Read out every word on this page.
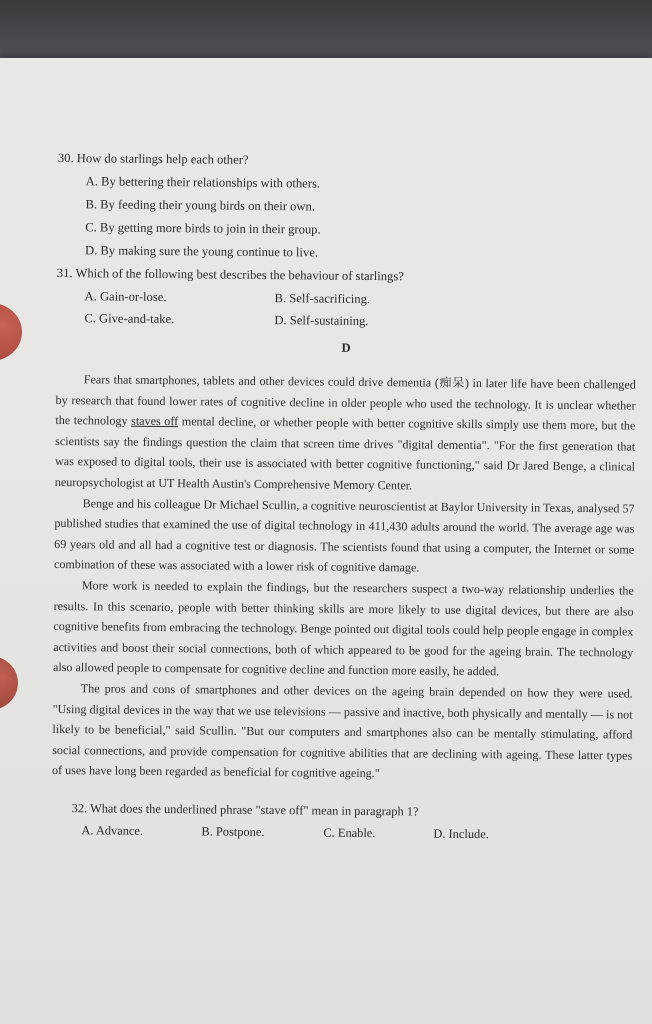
30. How do starlings help each other?

A. By bettering their relationships with others.

B. By feeding their young birds on their own.

C. By getting more birds to join in their group.

D. By making sure the young continue to live.

31. Which of the following best describes the behaviour of starlings?

A. Gain-or-lose.	B. Self-sacrificing.
C. Give-and-take.	D. Self-sustaining.
D

Fears that smartphones, tablets and other devices could drive dementia (痴呆) in later life have been challenged by research that found lower rates of cognitive decline in older people who used the technology. It is unclear whether the technology staves off mental decline, or whether people with better cognitive skills simply use them more, but the scientists say the findings question the claim that screen time drives "digital dementia". "For the first generation that was exposed to digital tools, their use is associated with better cognitive functioning," said Dr Jared Benge, a clinical neuropsychologist at UT Health Austin's Comprehensive Memory Center.

Benge and his colleague Dr Michael Scullin, a cognitive neuroscientist at Baylor University in Texas, analysed 57 published studies that examined the use of digital technology in 411,430 adults around the world. The average age was 69 years old and all had a cognitive test or diagnosis. The scientists found that using a computer, the Internet or some combination of these was associated with a lower risk of cognitive damage.

More work is needed to explain the findings, but the researchers suspect a two-way relationship underlies the results. In this scenario, people with better thinking skills are more likely to use digital devices, but there are also cognitive benefits from embracing the technology. Benge pointed out digital tools could help people engage in complex activities and boost their social connections, both of which appeared to be good for the ageing brain. The technology also allowed people to compensate for cognitive decline and function more easily, he added.

The pros and cons of smartphones and other devices on the ageing brain depended on how they were used. "Using digital devices in the way that we use televisions — passive and inactive, both physically and mentally — is not likely to be beneficial," said Scullin. "But our computers and smartphones also can be mentally stimulating, afford social connections, and provide compensation for cognitive abilities that are declining with ageing. These latter types of uses have long been regarded as beneficial for cognitive ageing."

32. What does the underlined phrase "stave off" mean in paragraph 1?

A. Advance.	B. Postpone.	C. Enable.	D. Include.
